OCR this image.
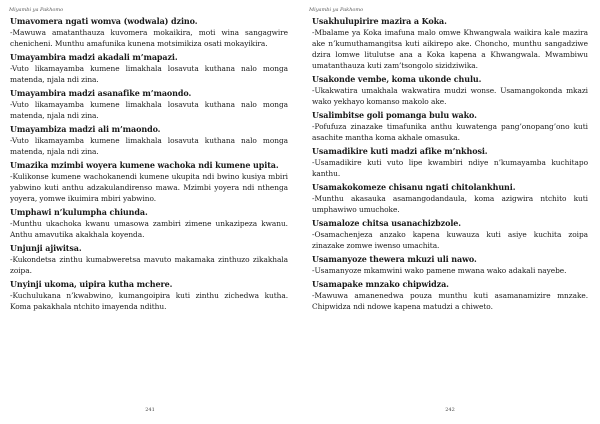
Miyambi ya Pakhomo
Umavomera ngati womva (wodwala) dzino.
-Mawuwa amatanthauza kuvomera mokaikira, moti wina sangagwire chenicheni. Munthu amafunika kunena motsimikiza osati mokayikira.
Umayambira madzi akadali m’mapazi.
-Vuto likamayamba kumene limakhala losavuta kuthana nalo monga matenda, njala ndi zina.
Umayambira madzi asanafike m’maondo.
-Vuto likamayamba kumene limakhala losavuta kuthana nalo monga matenda, njala ndi zina.
Umayambiza madzi ali m’maondo.
-Vuto likamayamba kumene limakhala losavuta kuthana nalo monga matenda, njala ndi zina.
Umazika mzimbi woyera kumene wachoka ndi kumene upita.
-Kulikonse kumene wachokanendi kumene ukupita ndi bwino kusiya mbiri yabwino kuti anthu adzakulandirenso mawa. Mzimbi yoyera ndi nthenga yoyera, yomwe ikuimira mbiri yabwino.
Umphawi n’kulumpha chiunda.
-Munthu ukachoka kwanu umasowa zambiri zimene unkazipeza kwanu. Anthu amavutika akakhala koyenda.
Unjunji ajiwitsa.
-Kukondetsa zinthu kumabweretsa mavuto makamaka zinthuzo zikakhala zoipa.
Unyinji ukoma, uipira kutha mchere.
-Kuchulukana n’kwabwino, kumangoipira kuti zinthu zichedwa kutha. Koma pakakhala ntchito imayenda ndithu.
241
Miyambi ya Pakhomo
Usakhulupirire mazira a Koka.
-Mbalame ya Koka imafuna malo omwe Khwangwala waikira kale mazira ake n’kumuthamangitsa kuti aikirepo ake. Choncho, munthu sangadziwe dzira lomwe litulutse ana a Koka kapena a Khwangwala. Mwambiwu umatanthauza kuti zam’tsongolo sizidziwika.
Usakonde vembe, koma ukonde chulu.
-Ukakwatira umakhala wakwatira mudzi wonse. Usamangokonda mkazi wako yekhayo komanso makolo ake.
Usalimbitse goli pomanga bulu wako.
-Pofufuza zinazake timafunika anthu kuwatenga pang’onopang’ono kuti asachite mantha koma akhale omasuka.
Usamadikire kuti madzi afike m’nkhosi.
-Usamadikire kuti vuto lipe kwambiri ndiye n’kumayamba kuchitapo kanthu.
Usamakokomeze chisanu ngati chitolankhuni.
-Munthu akasauka asamangodandaula, koma azigwira ntchito kuti umphawiwo umuchoke.
Usamaloze chitsa usanachizbzole.
-Osamachenjeza anzako kapena kuwauza kuti asiye kuchita zoipa zinazake zomwe iwenso umachita.
Usamanyoze thewera mkuzi uli nawo.
-Usamanyoze mkamwini wako pamene mwana wako adakali nayebe.
Usamapake mnzako chipwidza.
-Mawuwa amanenedwa pouza munthu kuti asamanamizire mnzake. Chipwidza ndi ndowe kapena matudzi a chiweto.
242
